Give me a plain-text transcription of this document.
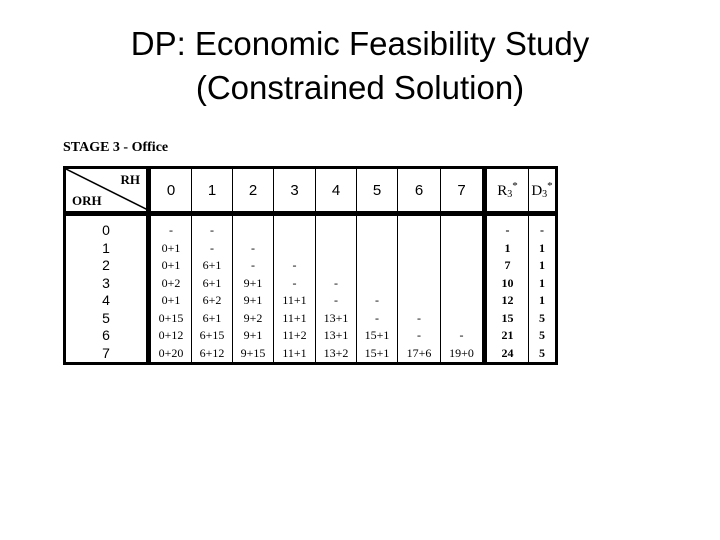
DP: Economic Feasibility Study
(Constrained Solution)
STAGE 3 - Office
RH
ORH	0	1	2	3	4	5	6	7	$R_3^*$	$D_3^*$
0	-	-							-	-
1	0+1	-	-						1	1
2	0+1	6+1	-	-					7	1
3	0+2	6+1	9+1	-	-				10	1
4	0+1	6+2	9+1	11+1	-	-			12	1
5	0+15	6+1	9+2	11+1	13+1	-	-		15	5
6	0+12	6+15	9+1	11+2	13+1	15+1	-	-	21	5
7	0+20	6+12	9+15	11+1	13+2	15+1	17+6	19+0	24	5
